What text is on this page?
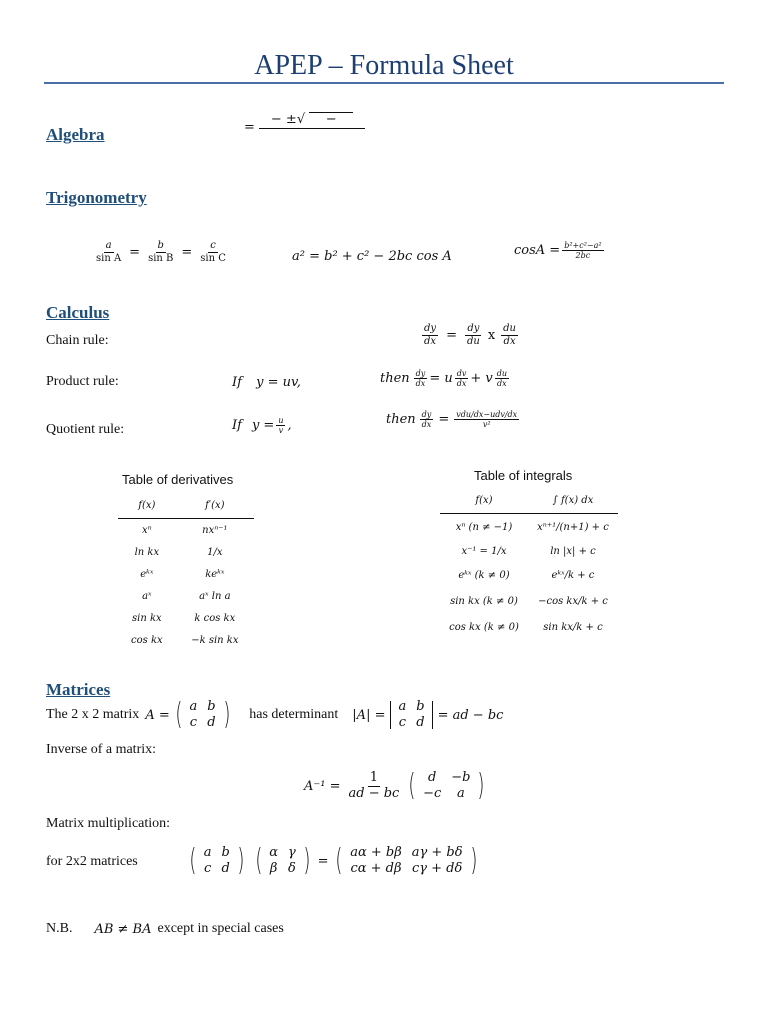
APEP – Formula Sheet
Algebra	=
− ±√ −

Trigonometry
$\frac{a}{\text{sin A}} = \frac{b}{\text{sin B}} = \frac{c}{\text{sin C}}$	a² = b² + c² − 2bc cos A	$\cos A = \frac{\text{b²+c²−a²}}{2bc}$
Calculus
Chain rule:	$\frac{dy}{dx} = \frac{dy}{du}$ x $\frac{du}{dx}$
Product rule:	If y = uv,	then $\frac{dy}{dx} = u \frac{dv}{dx} + v \frac{du}{dx}$
Quotient rule:	If $y = \frac{u}{v}$ ,	then $\frac{dy}{dx} = \frac{\text{vdu/dx−udv/dx}}{\text{v²}}$
Table of derivatives
f(x)	f′(x)
xⁿ	nxⁿ⁻¹
ln kx	1/x
eᵏˣ	keᵏˣ
aˣ	aˣ ln a
sin kx	k cos kx
cos kx	−k sin kx
Table of integrals
f(x)	∫ f(x) dx
xⁿ (n ≠ −1)	xⁿ⁺¹/(n+1) + c
x⁻¹ = 1/x	ln |x| + c
eᵏˣ (k ≠ 0)	eᵏˣ/k + c
sin kx (k ≠ 0)	−cos kx/k + c
cos kx (k ≠ 0)	sin kx/k + c
Matrices
The 2 x 2 matrix A = ( a	b
c	d ) has determinant |A| =
a	b
c	d = ad − bc
Inverse of a matrix:
$A^{-1} = \frac{1}{ad - bc}$ ( d	−b
−c	a )
Matrix multiplication:
for 2x2 matrices ( a	b
c	d ) ( α	γ
β	δ ) = ( aα + bβ	aγ + bδ
cα + dβ	cγ + dδ )
N.B. AB ≠ BA except in special cases
